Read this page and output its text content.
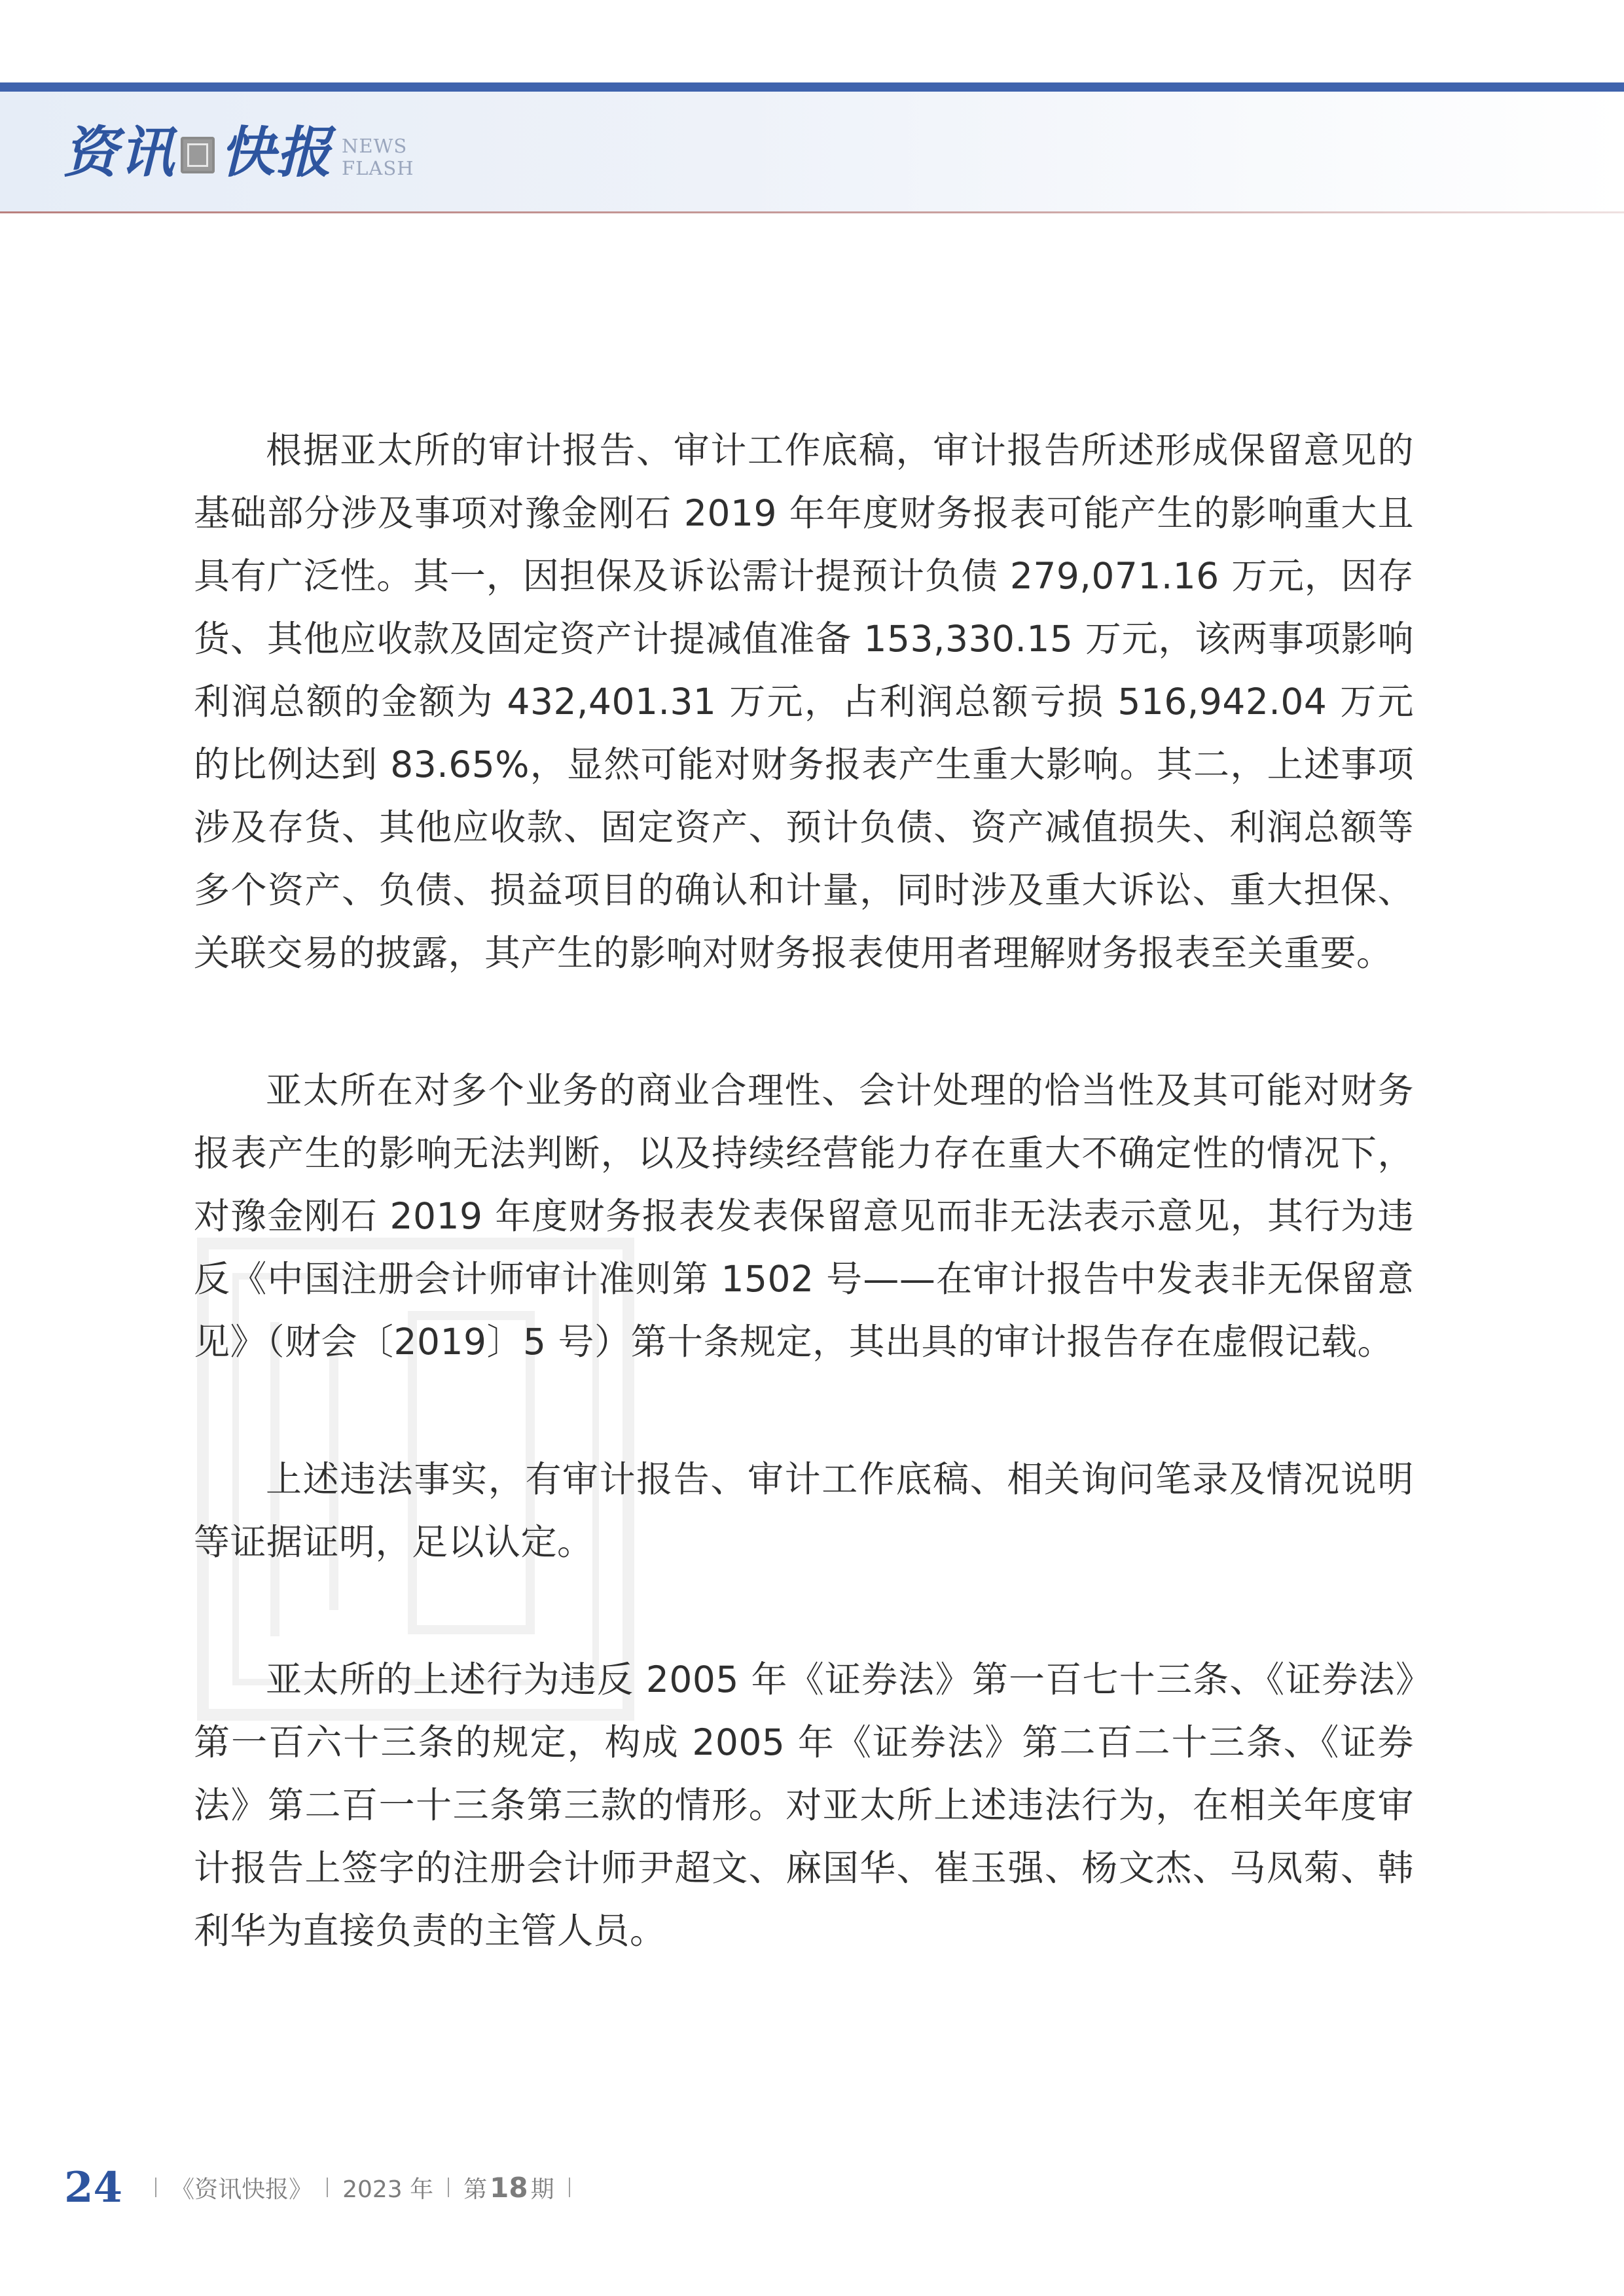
资讯 快报 NEWS
FLASH

根据亚太所的审计报告、审计工作底稿，审计报告所述形成保留意见的基础部分涉及事项对豫金刚石 2019 年年度财务报表可能产生的影响重大且具有广泛性。其一，因担保及诉讼需计提预计负债 279,071.16 万元，因存货、其他应收款及固定资产计提减值准备 153,330.15 万元，该两事项影响利润总额的金额为 432,401.31 万元，占利润总额亏损 516,942.04 万元的比例达到 83.65%，显然可能对财务报表产生重大影响。其二，上述事项涉及存货、其他应收款、固定资产、预计负债、资产减值损失、利润总额等多个资产、负债、损益项目的确认和计量，同时涉及重大诉讼、重大担保、关联交易的披露，其产生的影响对财务报表使用者理解财务报表至关重要。

亚太所在对多个业务的商业合理性、会计处理的恰当性及其可能对财务报表产生的影响无法判断，以及持续经营能力存在重大不确定性的情况下，对豫金刚石 2019 年度财务报表发表保留意见而非无法表示意见，其行为违反《中国注册会计师审计准则第 1502 号——在审计报告中发表非无保留意见》（财会〔2019〕5 号）第十条规定，其出具的审计报告存在虚假记载。

上述违法事实，有审计报告、审计工作底稿、相关询问笔录及情况说明等证据证明，足以认定。

亚太所的上述行为违反 2005 年《证券法》第一百七十三条、《证券法》第一百六十三条的规定，构成 2005 年《证券法》第二百二十三条、《证券法》第二百一十三条第三款的情形。对亚太所上述违法行为，在相关年度审计报告上签字的注册会计师尹超文、麻国华、崔玉强、杨文杰、马凤菊、韩利华为直接负责的主管人员。

24 《资讯快报》 2023 年 第 18 期
